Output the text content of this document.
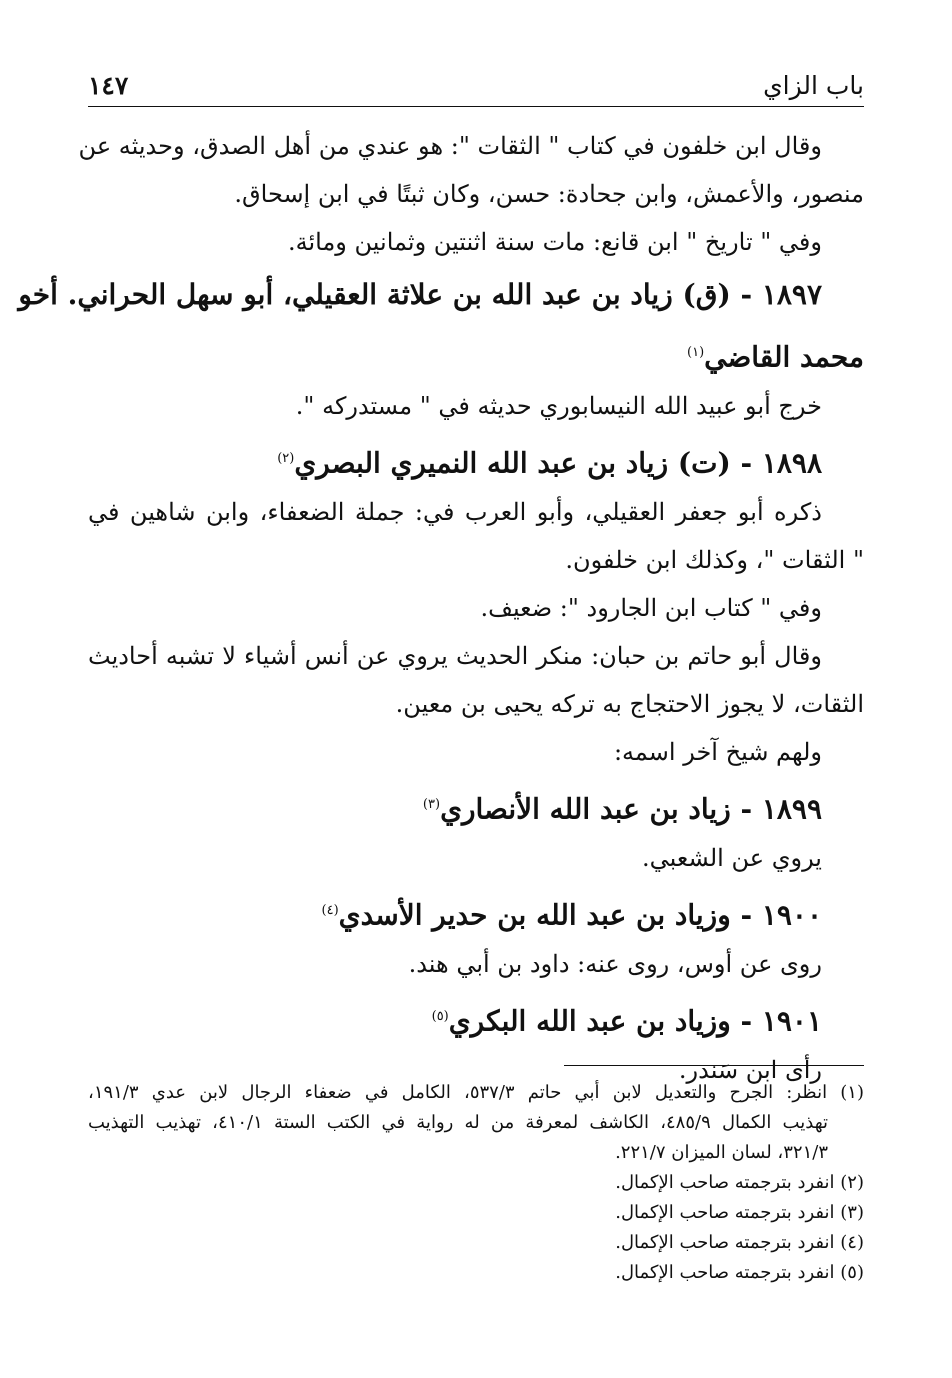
باب الزاي
١٤٧
وقال ابن خلفون في كتاب " الثقات ": هو عندي من أهل الصدق، وحديثه عن
منصور، والأعمش، وابن جحادة: حسن، وكان ثبتًا في ابن إسحاق.
وفي " تاريخ " ابن قانع: مات سنة اثنتين وثمانين ومائة.
١٨٩٧ - (ق) زياد بن عبد الله بن علاثة العقيلي، أبو سهل الحراني. أخو
محمد القاضي$^{(١)}$
خرج أبو عبيد الله النيسابوري حديثه في " مستدركه ".
١٨٩٨ - (ت) زياد بن عبد الله النميري البصري$^{(٢)}$
ذكره أبو جعفر العقيلي، وأبو العرب في: جملة الضعفاء، وابن شاهين في
" الثقات "، وكذلك ابن خلفون.
وفي " كتاب ابن الجارود ": ضعيف.
وقال أبو حاتم بن حبان: منكر الحديث يروي عن أنس أشياء لا تشبه أحاديث
الثقات، لا يجوز الاحتجاج به تركه يحيى بن معين.
ولهم شيخ آخر اسمه:
١٨٩٩ - زياد بن عبد الله الأنصاري$^{(٣)}$
يروي عن الشعبي.
١٩٠٠ - وزياد بن عبد الله بن حدير الأسدي$^{(٤)}$
روى عن أوس، روى عنه: داود بن أبي هند.
١٩٠١ - وزياد بن عبد الله البكري$^{(٥)}$
رأى ابن سَندر.
(١) انظر: الجرح والتعديل لابن أبي حاتم ٥٣٧/٣، الكامل في ضعفاء الرجال لابن عدي ١٩١/٣،
تهذيب الكمال ٤٨٥/٩، الكاشف لمعرفة من له رواية في الكتب الستة ٤١٠/١، تهذيب التهذيب
٣٢١/٣، لسان الميزان ٢٢١/٧.
(٢) انفرد بترجمته صاحب الإكمال.
(٣) انفرد بترجمته صاحب الإكمال.
(٤) انفرد بترجمته صاحب الإكمال.
(٥) انفرد بترجمته صاحب الإكمال.
